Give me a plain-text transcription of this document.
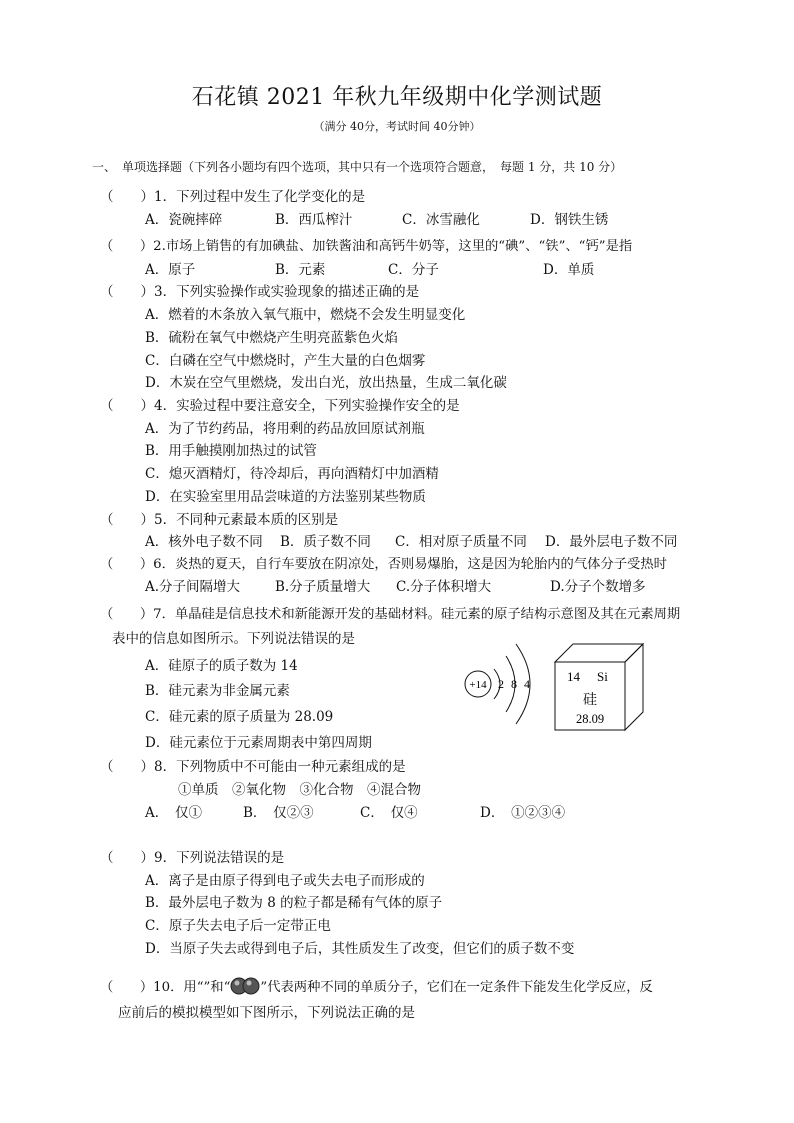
石花镇 2021 年秋九年级期中化学测试题
（满分 40分，考试时间 40分钟）
一、　单项选择题（下列各小题均有四个选项，其中只有一个选项符合题意，　每题 1 分，共 10 分）
（　　）1．下列过程中发生了化学变化的是
A．瓷碗摔碎	B．西瓜榨汁	C．冰雪融化	D．钢铁生锈
（　　）2.市场上销售的有加碘盐、加铁酱油和高钙牛奶等，这里的“碘”、“铁”、“钙”是指
A．原子	B．元素	C．分子	D．单质
（　　）3．下列实验操作或实验现象的描述正确的是
A．燃着的木条放入氧气瓶中，燃烧不会发生明显变化
B．硫粉在氧气中燃烧产生明亮蓝紫色火焰
C．白磷在空气中燃烧时，产生大量的白色烟雾
D．木炭在空气里燃烧，发出白光，放出热量，生成二氧化碳
（　　）4．实验过程中要注意安全，下列实验操作安全的是
A．为了节约药品，将用剩的药品放回原试剂瓶
B．用手触摸刚加热过的试管
C．熄灭酒精灯，待冷却后，再向酒精灯中加酒精
D．在实验室里用品尝味道的方法鉴别某些物质
（　　）5．不同种元素最本质的区别是
A．核外电子数不同 B．质子数不同 C．相对原子质量不同 D．最外层电子数不同
（　　）6．炎热的夏天，自行车要放在阴凉处，否则易爆胎，这是因为轮胎内的气体分子受热时
A.分子间隔增大	B.分子质量增大 C.分子体积增大	D.分子个数增多
（　　）7．单晶硅是信息技术和新能源开发的基础材料。硅元素的原子结构示意图及其在元素周期
表中的信息如图所示。下列说法错误的是
A．硅原子的质子数为 14
B．硅元素为非金属元素
C．硅元素的原子质量为 28.09
D．硅元素位于元素周期表中第四周期
+14 2 8 4	14 Si
硅
28.09
（　　）8．下列物质中不可能由一种元素组成的是
①单质　②氧化物　③化合物　④混合物
A．　仅①	B．　仅②③	C．　仅④	D．　①②③④
（　　）9．下列说法错误的是
A．离子是由原子得到电子或失去电子而形成的
B．最外层电子数为 8 的粒子都是稀有气体的原子
C．原子失去电子后一定带正电
D．当原子失去或得到电子后，其性质发生了改变，但它们的质子数不变
（　　）10．用“”和“ ”代表两种不同的单质分子，它们在一定条件下能发生化学反应，反
应前后的模拟模型如下图所示，下列说法正确的是
